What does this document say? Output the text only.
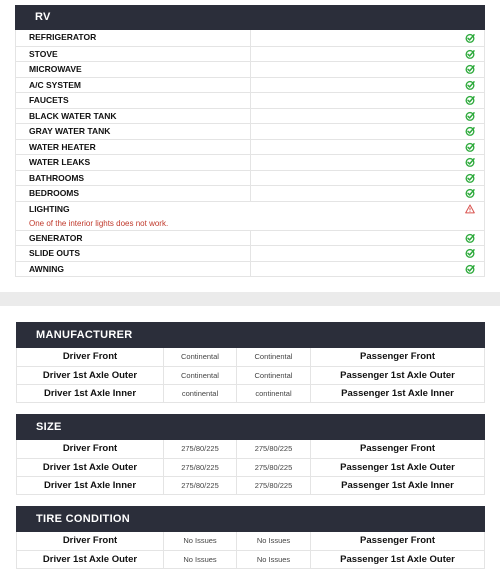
RV
REFRIGERATOR
STOVE
MICROWAVE
A/C SYSTEM
FAUCETS
BLACK WATER TANK
GRAY WATER TANK
WATER HEATER
WATER LEAKS
BATHROOMS
BEDROOMS
LIGHTING
One of the interior lights does not work.
GENERATOR
SLIDE OUTS
AWNING
MANUFACTURER
Driver Front	Continental	Continental	Passenger Front
Driver 1st Axle Outer	Continental	Continental	Passenger 1st Axle Outer
Driver 1st Axle Inner	continental	continental	Passenger 1st Axle Inner
SIZE
Driver Front	275/80/225	275/80/225	Passenger Front
Driver 1st Axle Outer	275/80/225	275/80/225	Passenger 1st Axle Outer
Driver 1st Axle Inner	275/80/225	275/80/225	Passenger 1st Axle Inner
TIRE CONDITION
Driver Front	No Issues	No Issues	Passenger Front
Driver 1st Axle Outer	No Issues	No Issues	Passenger 1st Axle Outer
